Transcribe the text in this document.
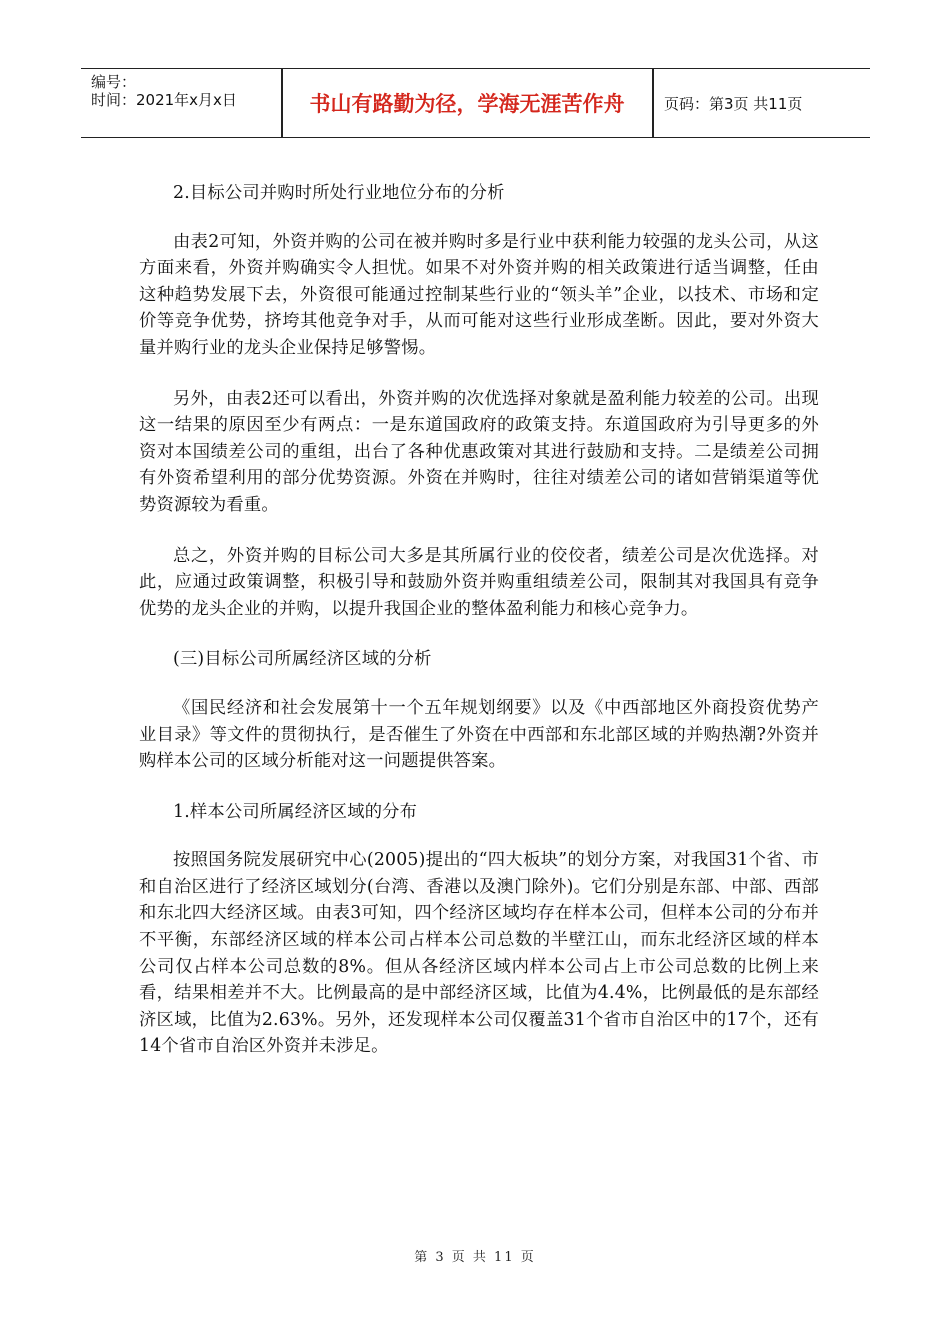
编号：
时间：2021年x月x日	书山有路勤为径，学海无涯苦作舟	页码：第3页 共11页

2.目标公司并购时所处行业地位分布的分析

由表2可知，外资并购的公司在被并购时多是行业中获利能力较强的龙头公司，从这方面来看，外资并购确实令人担忧。如果不对外资并购的相关政策进行适当调整，任由这种趋势发展下去，外资很可能通过控制某些行业的“领头羊”企业，以技术、市场和定价等竞争优势，挤垮其他竞争对手，从而可能对这些行业形成垄断。因此，要对外资大量并购行业的龙头企业保持足够警惕。

另外，由表2还可以看出，外资并购的次优选择对象就是盈利能力较差的公司。出现这一结果的原因至少有两点：一是东道国政府的政策支持。东道国政府为引导更多的外资对本国绩差公司的重组，出台了各种优惠政策对其进行鼓励和支持。二是绩差公司拥有外资希望利用的部分优势资源。外资在并购时，往往对绩差公司的诸如营销渠道等优势资源较为看重。

总之，外资并购的目标公司大多是其所属行业的佼佼者，绩差公司是次优选择。对此，应通过政策调整，积极引导和鼓励外资并购重组绩差公司，限制其对我国具有竞争优势的龙头企业的并购，以提升我国企业的整体盈利能力和核心竞争力。

(三)目标公司所属经济区域的分析

《国民经济和社会发展第十一个五年规划纲要》以及《中西部地区外商投资优势产业目录》等文件的贯彻执行，是否催生了外资在中西部和东北部区域的并购热潮?外资并购样本公司的区域分析能对这一问题提供答案。

1.样本公司所属经济区域的分布

按照国务院发展研究中心(2005)提出的“四大板块”的划分方案，对我国31个省、市和自治区进行了经济区域划分(台湾、香港以及澳门除外)。它们分别是东部、中部、西部和东北四大经济区域。由表3可知，四个经济区域均存在样本公司，但样本公司的分布并不平衡，东部经济区域的样本公司占样本公司总数的半壁江山，而东北经济区域的样本公司仅占样本公司总数的8%。但从各经济区域内样本公司占上市公司总数的比例上来看，结果相差并不大。比例最高的是中部经济区域，比值为4.4%，比例最低的是东部经济区域，比值为2.63%。另外，还发现样本公司仅覆盖31个省市自治区中的17个，还有14个省市自治区外资并未涉足。

第 3 页 共 11 页
